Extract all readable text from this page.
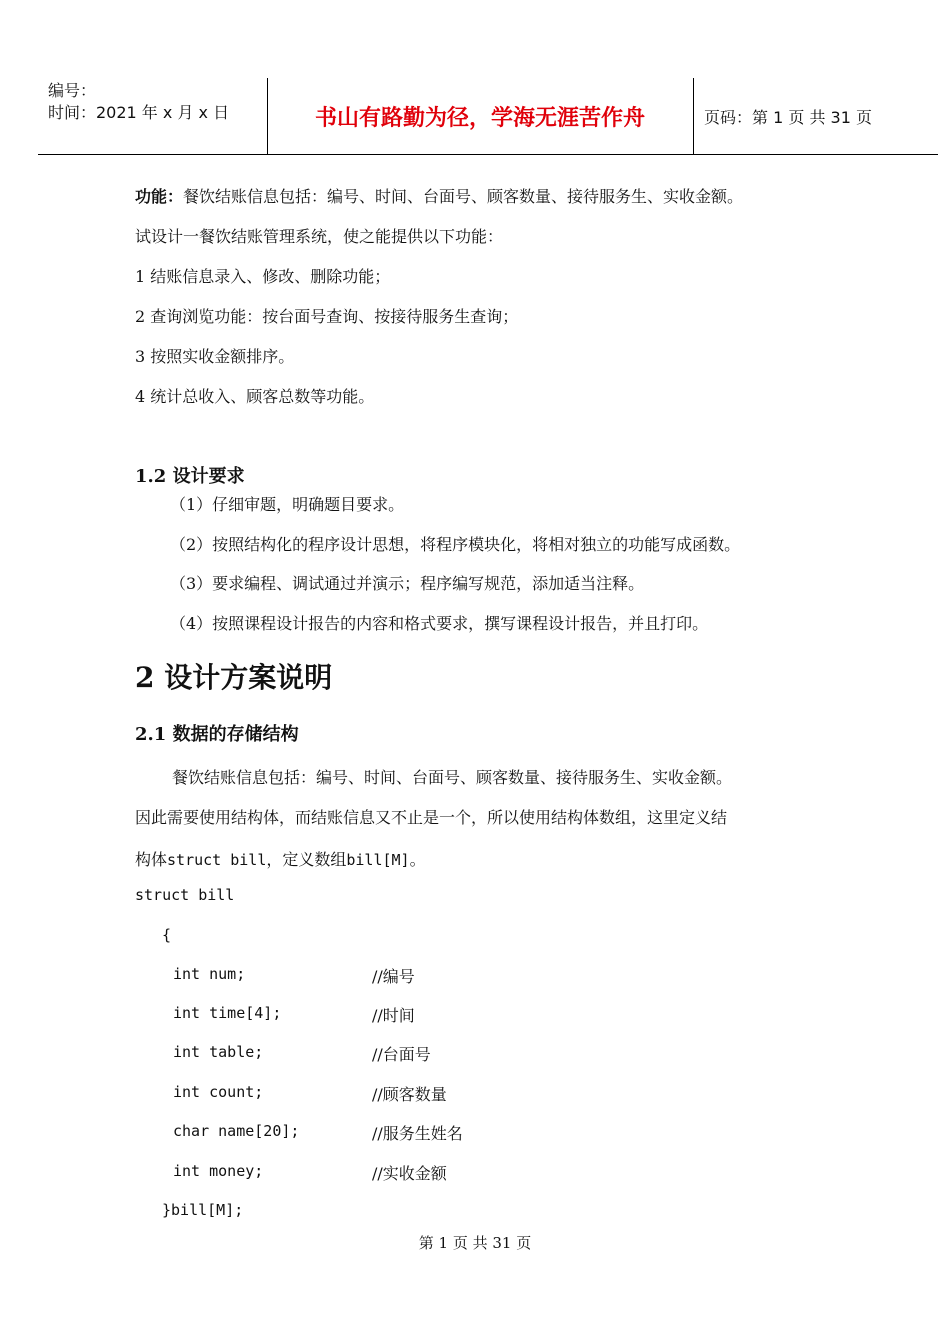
编号：
时间：2021 年 x 月 x 日	书山有路勤为径，学海无涯苦作舟	页码：第 1 页 共 31 页
功能：餐饮结账信息包括：编号、时间、台面号、顾客数量、接待服务生、实收金额。
试设计一餐饮结账管理系统，使之能提供以下功能：
1 结账信息录入、修改、删除功能；
2 查询浏览功能：按台面号查询、按接待服务生查询；
3 按照实收金额排序。
4 统计总收入、顾客总数等功能。
1.2 设计要求
（1）仔细审题，明确题目要求。
（2）按照结构化的程序设计思想，将程序模块化，将相对独立的功能写成函数。
（3）要求编程、调试通过并演示；程序编写规范，添加适当注释。
（4）按照课程设计报告的内容和格式要求，撰写课程设计报告，并且打印。
2 设计方案说明
2.1 数据的存储结构
餐饮结账信息包括：编号、时间、台面号、顾客数量、接待服务生、实收金额。
因此需要使用结构体，而结账信息又不止是一个，所以使用结构体数组，这里定义结
构体struct bill，定义数组bill[M]。
struct bill
{
int num;	//编号
int time[4];	//时间
int table;	//台面号
int count;	//顾客数量
char name[20];	//服务生姓名
int money;	//实收金额
}bill[M];
第 1 页 共 31 页
